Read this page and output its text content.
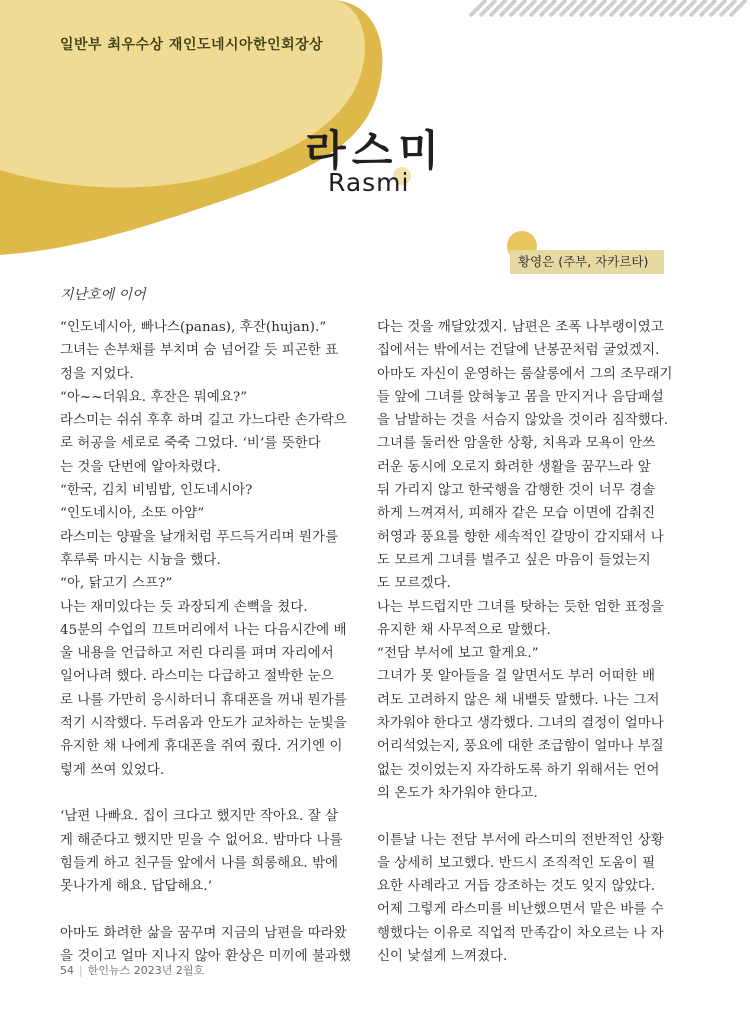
일반부 최우수상 재인도네시아한인회장상
라스미
Rasmi
황영은 (주부, 자카르타)
지난호에 이어

“인도네시아, 빠나스(panas), 후잔(hujan).”

그녀는 손부채를 부치며 숨 넘어갈 듯 피곤한 표

정을 지었다.

“아~~더워요. 후잔은 뭐예요?”

라스미는 쉬쉬 후후 하며 길고 가느다란 손가락으

로 허공을 세로로 죽죽 그었다. ‘비’를 뜻한다

는 것을 단번에 알아차렸다.

“한국, 김치 비빔밥, 인도네시아?

“인도네시아, 소또 아얌”

라스미는 양팔을 날개처럼 푸드득거리며 뭔가를

후루룩 마시는 시늉을 했다.

“아, 닭고기 스프?”

나는 재미있다는 듯 과장되게 손뼉을 쳤다.

45분의 수업의 끄트머리에서 나는 다음시간에 배

울 내용을 언급하고 저린 다리를 펴며 자리에서

일어나려 했다. 라스미는 다급하고 절박한 눈으

로 나를 가만히 응시하더니 휴대폰을 꺼내 뭔가를

적기 시작했다. 두려움과 안도가 교차하는 눈빛을

유지한 채 나에게 휴대폰을 쥐여 줬다. 거기엔 이

렇게 쓰여 있었다.

‘남편 나빠요. 집이 크다고 했지만 작아요. 잘 살

게 해준다고 했지만 믿을 수 없어요. 밤마다 나를

힘들게 하고 친구들 앞에서 나를 희롱해요. 밖에

못나가게 해요. 답답해요.’

아마도 화려한 삶을 꿈꾸며 지금의 남편을 따라왔

을 것이고 얼마 지나지 않아 환상은 미끼에 불과했

다는 것을 깨달았겠지. 남편은 조폭 나부랭이였고

집에서는 밖에서는 건달에 난봉꾼처럼 굴었겠지.

아마도 자신이 운영하는 룸살롱에서 그의 조무래기

들 앞에 그녀를 앉혀놓고 몸을 만지거나 음담패설

을 남발하는 것을 서슴지 않았을 것이라 짐작했다.

그녀를 둘러싼 암울한 상황, 치욕과 모욕이 안쓰

러운 동시에 오로지 화려한 생활을 꿈꾸느라 앞

뒤 가리지 않고 한국행을 감행한 것이 너무 경솔

하게 느껴져서, 피해자 같은 모습 이면에 감춰진

허영과 풍요를 향한 세속적인 갈망이 감지돼서 나

도 모르게 그녀를 벌주고 싶은 마음이 들었는지

도 모르겠다.

나는 부드럽지만 그녀를 탓하는 듯한 엄한 표정을

유지한 채 사무적으로 말했다.

“전담 부서에 보고 할게요.”

그녀가 못 알아들을 걸 알면서도 부러 어떠한 배

려도 고려하지 않은 채 내뱉듯 말했다. 나는 그저

차가워야 한다고 생각했다. 그녀의 결정이 얼마나

어리석었는지, 풍요에 대한 조급함이 얼마나 부질

없는 것이었는지 자각하도록 하기 위해서는 언어

의 온도가 차가워야 한다고.

이튿날 나는 전담 부서에 라스미의 전반적인 상황

을 상세히 보고했다. 반드시 조직적인 도움이 필

요한 사례라고 거듭 강조하는 것도 잊지 않았다.

어제 그렇게 라스미를 비난했으면서 맡은 바를 수

행했다는 이유로 직업적 만족감이 차오르는 나 자

신이 낯설게 느껴졌다.

54 | 한인뉴스 2023년 2월호
